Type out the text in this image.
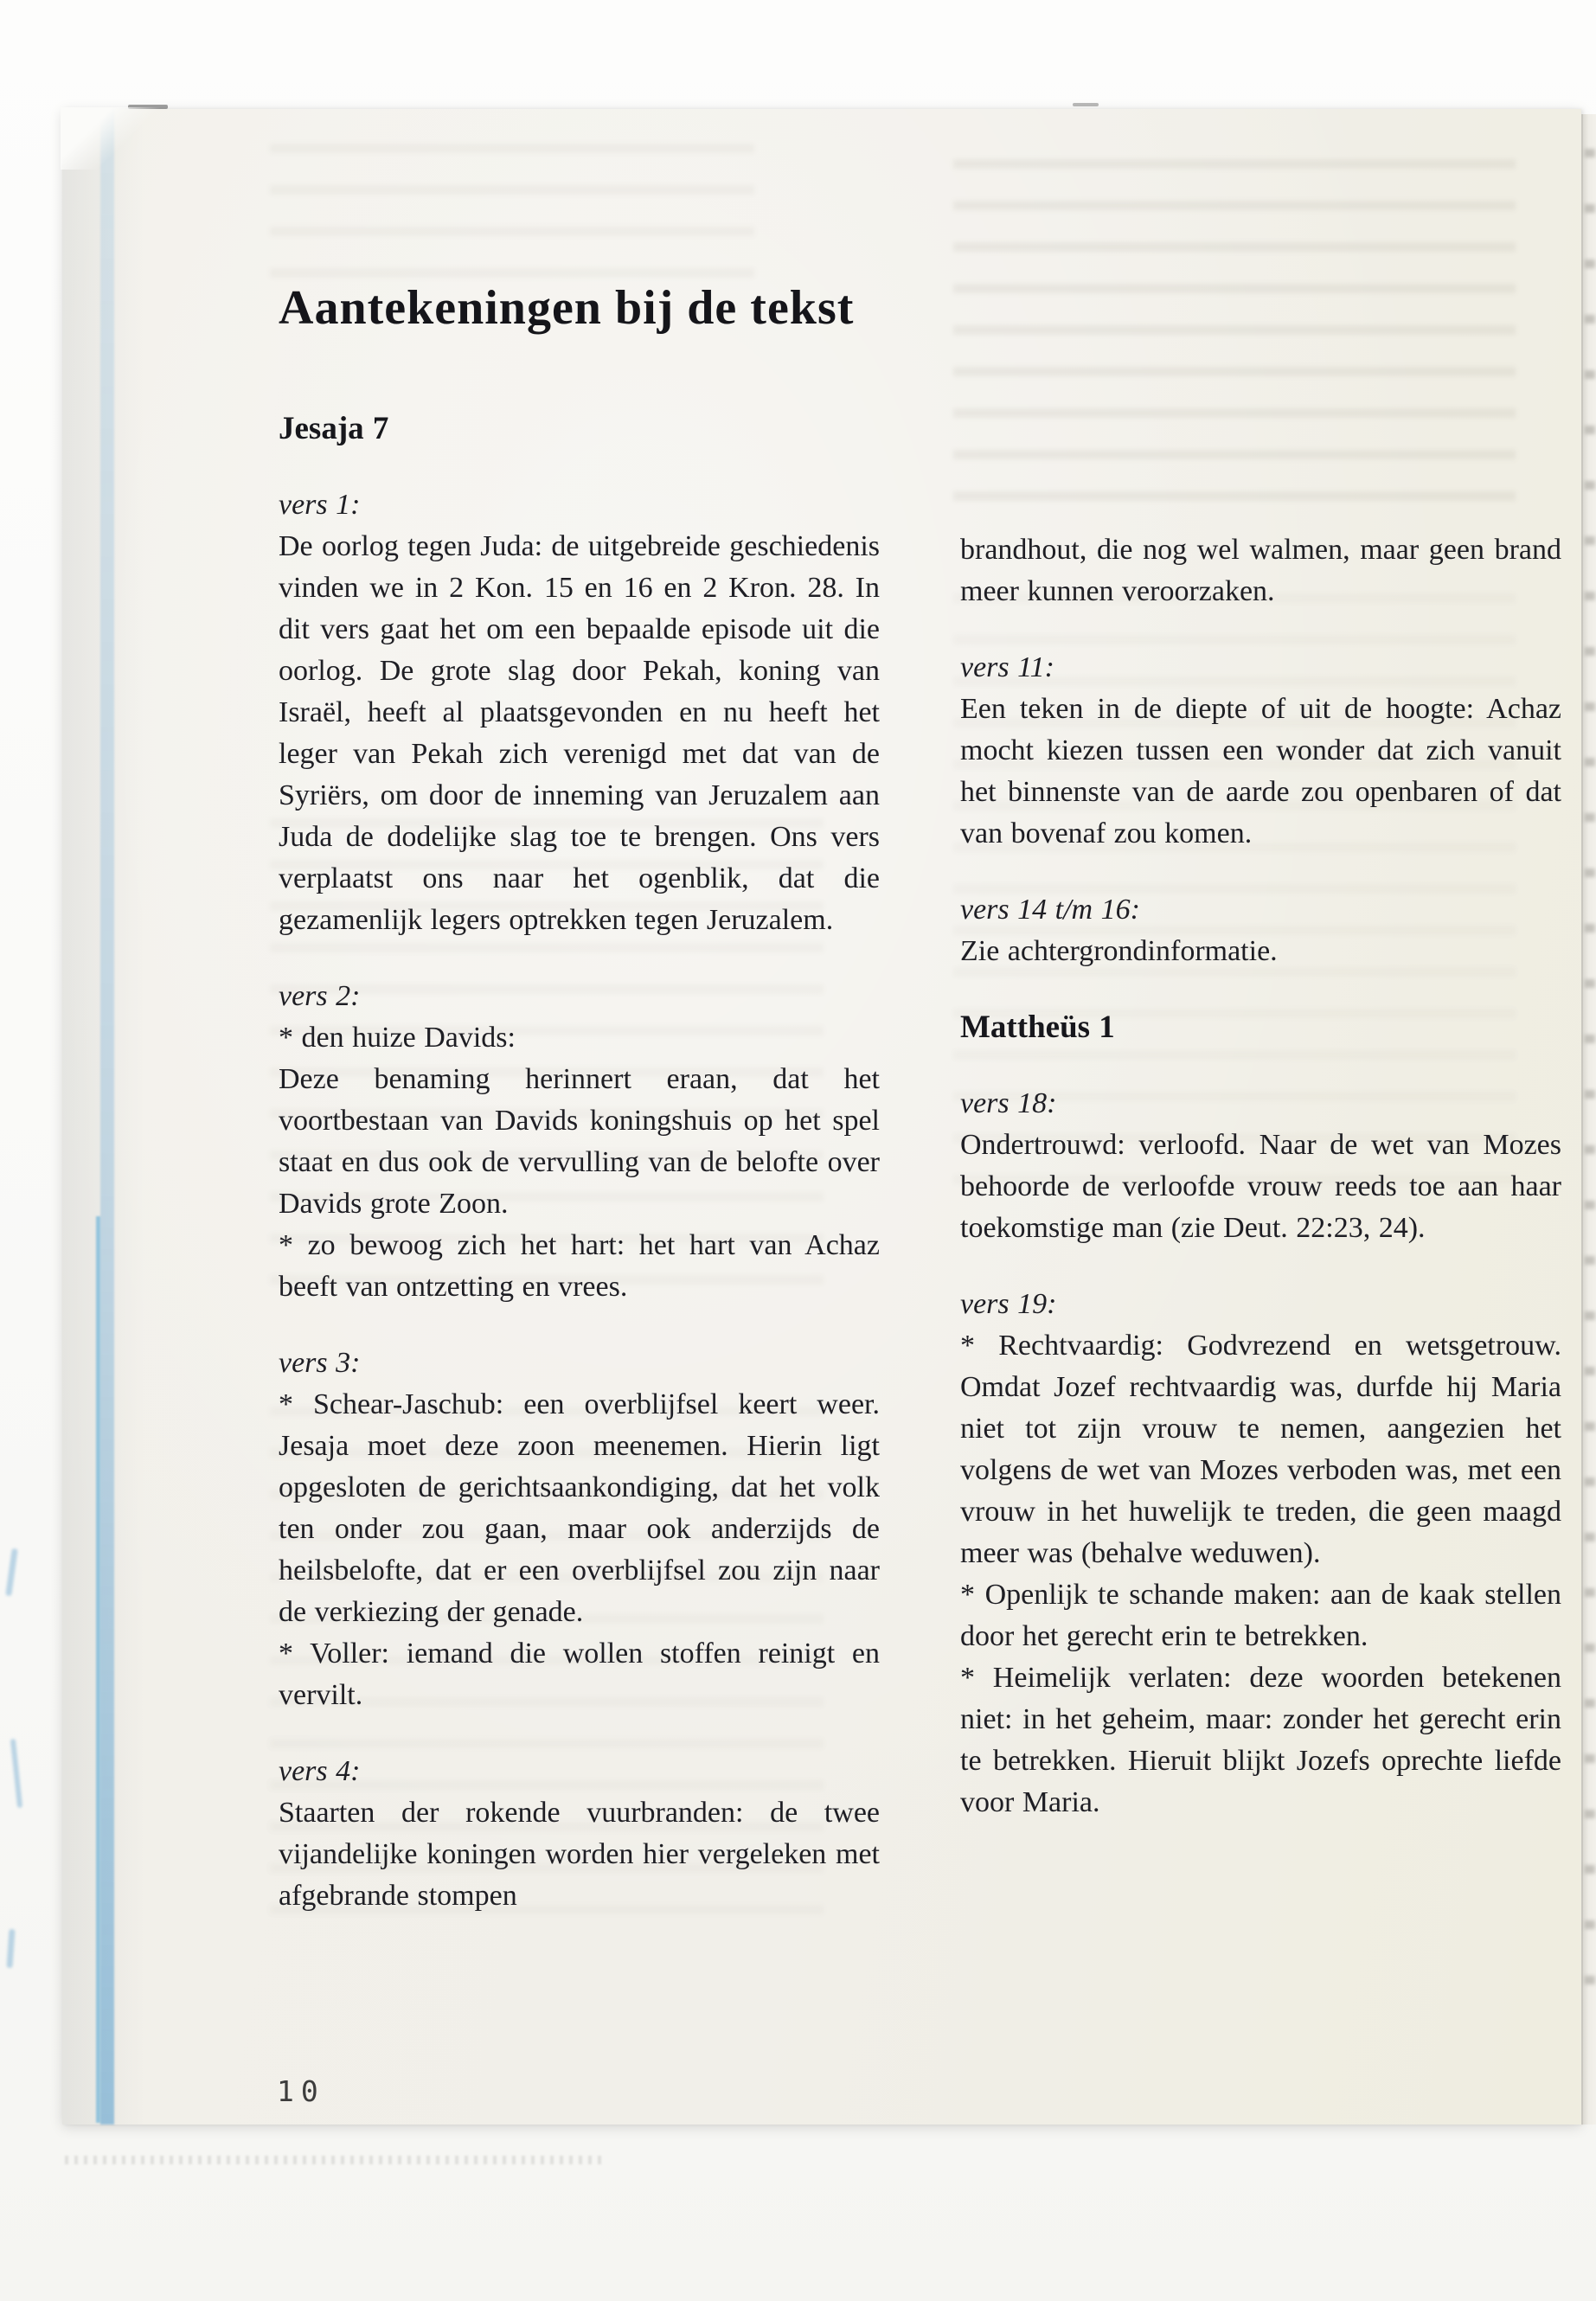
Aantekeningen bij de tekst
Jesaja 7

vers 1:

De oorlog tegen Juda: de uitgebreide geschiedenis vinden we in 2 Kon. 15 en 16 en 2 Kron. 28. In dit vers gaat het om een bepaalde episode uit die oorlog. De grote slag door Pekah, koning van Israël, heeft al plaatsgevonden en nu heeft het leger van Pekah zich verenigd met dat van de Syriërs, om door de inneming van Jeruzalem aan Juda de dodelijke slag toe te brengen. Ons vers verplaatst ons naar het ogenblik, dat die gezamenlijk legers optrekken tegen Jeruzalem.

vers 2:

* den huize Davids:

Deze benaming herinnert eraan, dat het voortbestaan van Davids koningshuis op het spel staat en dus ook de vervulling van de belofte over Davids grote Zoon.

* zo bewoog zich het hart: het hart van Achaz beeft van ontzetting en vrees.

vers 3:

* Schear-Jaschub: een overblijfsel keert weer. Jesaja moet deze zoon meenemen. Hierin ligt opgesloten de gerichtsaankondiging, dat het volk ten onder zou gaan, maar ook anderzijds de heilsbelofte, dat er een overblijfsel zou zijn naar de verkiezing der genade.

* Voller: iemand die wollen stoffen reinigt en vervilt.

vers 4:

Staarten der rokende vuurbranden: de twee vijandelijke koningen worden hier vergeleken met afgebrande stompen

brandhout, die nog wel walmen, maar geen brand meer kunnen veroorzaken.

vers 11:

Een teken in de diepte of uit de hoogte: Achaz mocht kiezen tussen een wonder dat zich vanuit het binnenste van de aarde zou openbaren of dat van bovenaf zou komen.

vers 14 t/m 16:

Zie achtergrondinformatie.

Mattheüs 1

vers 18:

Ondertrouwd: verloofd. Naar de wet van Mozes behoorde de verloofde vrouw reeds toe aan haar toekomstige man (zie Deut. 22:23, 24).

vers 19:

* Rechtvaardig: Godvrezend en wetsgetrouw. Omdat Jozef rechtvaardig was, durfde hij Maria niet tot zijn vrouw te nemen, aangezien het volgens de wet van Mozes verboden was, met een vrouw in het huwelijk te treden, die geen maagd meer was (behalve weduwen).

* Openlijk te schande maken: aan de kaak stellen door het gerecht erin te betrekken.

* Heimelijk verlaten: deze woorden betekenen niet: in het geheim, maar: zonder het gerecht erin te betrekken. Hieruit blijkt Jozefs oprechte liefde voor Maria.

10
